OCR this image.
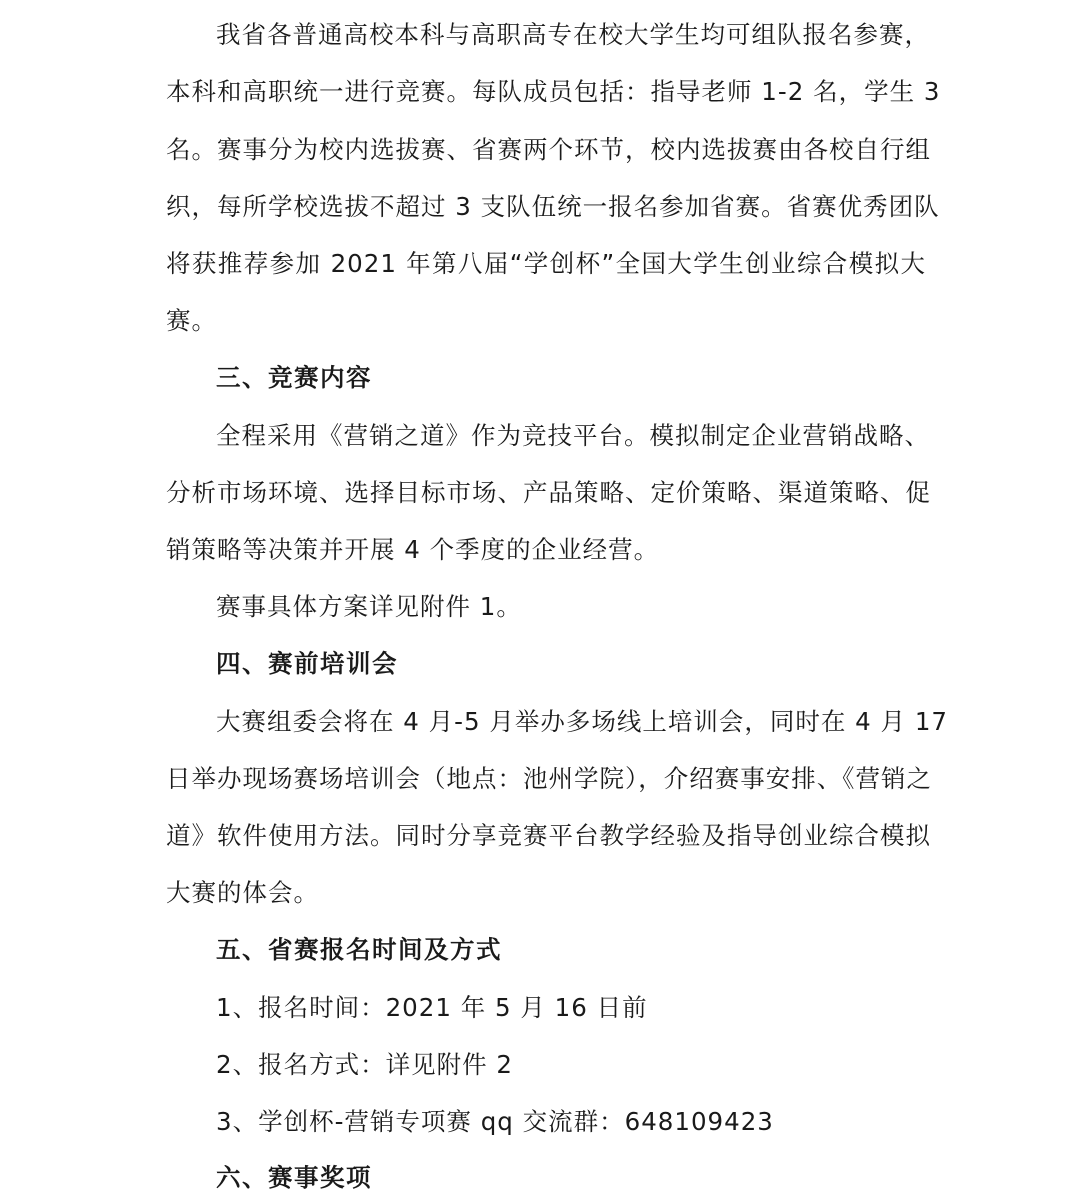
我省各普通高校本科与高职高专在校大学生均可组队报名参赛，
本科和高职统一进行竞赛。每队成员包括：指导老师 1-2 名，学生 3
名。赛事分为校内选拔赛、省赛两个环节，校内选拔赛由各校自行组
织，每所学校选拔不超过 3 支队伍统一报名参加省赛。省赛优秀团队
将获推荐参加 2021 年第八届“学创杯”全国大学生创业综合模拟大
赛。
三、竞赛内容
全程采用《营销之道》作为竞技平台。模拟制定企业营销战略、
分析市场环境、选择目标市场、产品策略、定价策略、渠道策略、促
销策略等决策并开展 4 个季度的企业经营。
赛事具体方案详见附件 1。
四、赛前培训会
大赛组委会将在 4 月-5 月举办多场线上培训会，同时在 4 月 17
日举办现场赛场培训会（地点：池州学院），介绍赛事安排、《营销之
道》软件使用方法。同时分享竞赛平台教学经验及指导创业综合模拟
大赛的体会。
五、省赛报名时间及方式
1、报名时间：2021 年 5 月 16 日前
2、报名方式：详见附件 2
3、学创杯-营销专项赛 qq 交流群：648109423
六、赛事奖项
